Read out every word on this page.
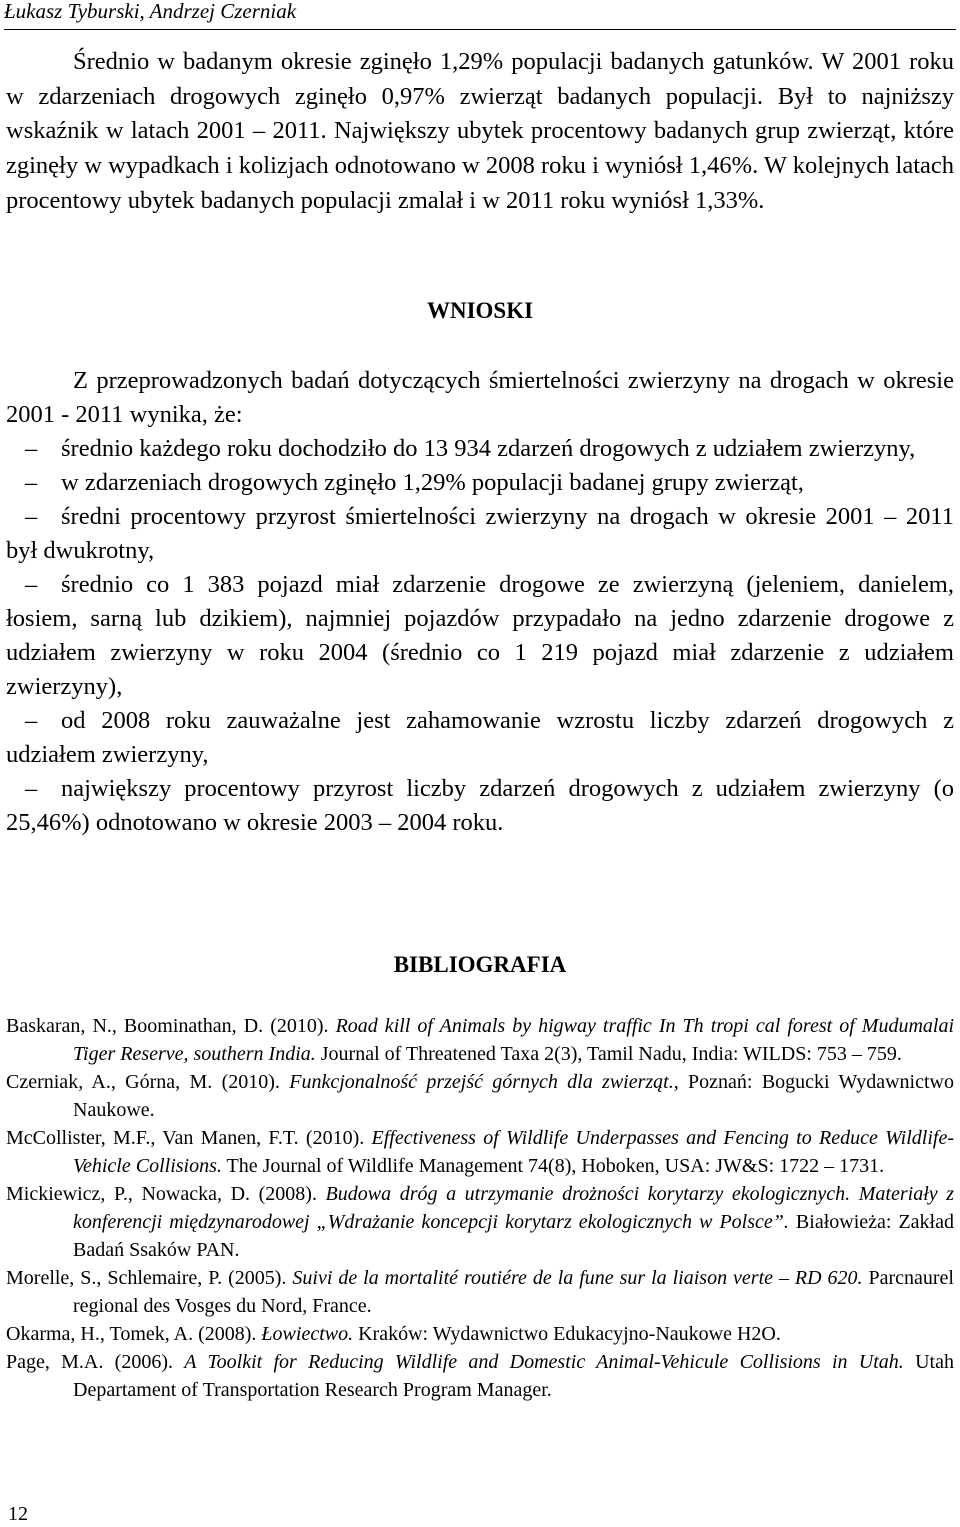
Łukasz Tyburski, Andrzej Czerniak

Średnio w badanym okresie zginęło 1,29% populacji badanych gatunków. W 2001 roku w zdarzeniach drogowych zginęło 0,97% zwierząt badanych populacji. Był to najniższy wskaźnik w latach 2001 – 2011. Największy ubytek procentowy badanych grup zwierząt, które zginęły w wypadkach i kolizjach odnotowano w 2008 roku i wyniósł 1,46%. W kolejnych latach procentowy ubytek badanych populacji zmalał i w 2011 roku wyniósł 1,33%.

WNIOSKI

Z przeprowadzonych badań dotyczących śmiertelności zwierzyny na drogach w okresie 2001 - 2011 wynika, że:

– średnio każdego roku dochodziło do 13 934 zdarzeń drogowych z udziałem zwierzyny,

– w zdarzeniach drogowych zginęło 1,29% populacji badanej grupy zwierząt,

– średni procentowy przyrost śmiertelności zwierzyny na drogach w okresie 2001 – 2011 był dwukrotny,

– średnio co 1 383 pojazd miał zdarzenie drogowe ze zwierzyną (jeleniem, danielem, łosiem, sarną lub dzikiem), najmniej pojazdów przypadało na jedno zdarzenie drogowe z udziałem zwierzyny w roku 2004 (średnio co 1 219 pojazd miał zdarzenie z udziałem zwierzyny),

– od 2008 roku zauważalne jest zahamowanie wzrostu liczby zdarzeń drogowych z udziałem zwierzyny,

– największy procentowy przyrost liczby zdarzeń drogowych z udziałem zwierzyny (o 25,46%) odnotowano w okresie 2003 – 2004 roku.

BIBLIOGRAFIA

Baskaran, N., Boominathan, D. (2010). Road kill of Animals by higway traffic In Th tropi cal forest of Mudumalai Tiger Reserve, southern India. Journal of Threatened Taxa 2(3), Tamil Nadu, India: WILDS: 753 – 759.

Czerniak, A., Górna, M. (2010). Funkcjonalność przejść górnych dla zwierząt., Poznań: Bogucki Wydawnictwo Naukowe.

McCollister, M.F., Van Manen, F.T. (2010). Effectiveness of Wildlife Underpasses and Fencing to Reduce Wildlife-Vehicle Collisions. The Journal of Wildlife Management 74(8), Hoboken, USA: JW&S: 1722 – 1731.

Mickiewicz, P., Nowacka, D. (2008). Budowa dróg a utrzymanie drożności korytarzy ekologicznych. Materiały z konferencji międzynarodowej „Wdrażanie koncepcji korytarz ekologicznych w Polsce”. Białowieża: Zakład Badań Ssaków PAN.

Morelle, S., Schlemaire, P. (2005). Suivi de la mortalité routiére de la fune sur la liaison verte – RD 620. Parcnaurel regional des Vosges du Nord, France.

Okarma, H., Tomek, A. (2008). Łowiectwo. Kraków: Wydawnictwo Edukacyjno-Naukowe H2O.

Page, M.A. (2006). A Toolkit for Reducing Wildlife and Domestic Animal-Vehicule Collisions in Utah. Utah Departament of Transportation Research Program Manager.

12
